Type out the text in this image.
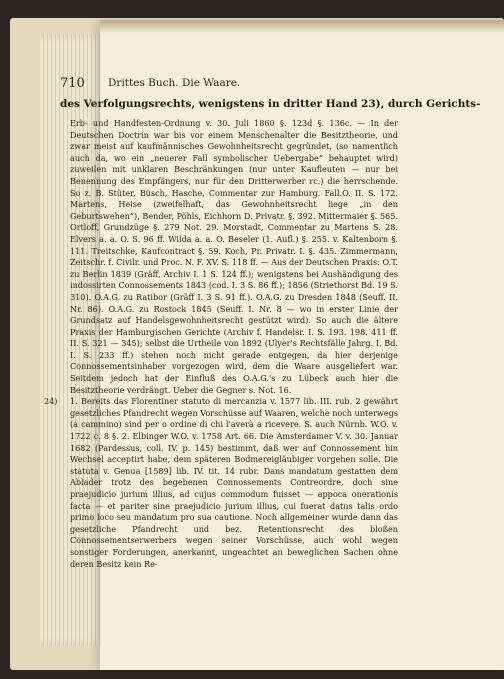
710 Drittes Buch. Die Waare.
des Verfolgungsrechts, wenigstens in dritter Hand 23), durch Gerichts-

Erb- und Handfesten-Ordnung v. 30. Juli 1860 §. 123d §. 136c. — In der Deutschen Doctrin war bis vor einem Menschenalter die Besitztheorie, und zwar meist auf kaufmännisches Gewohnheitsrecht gegründet, (so namentlich auch da, wo ein „neuerer Fall symbolischer Uebergabe“ behauptet wird) zuweilen mit unklaren Beschränkungen (nur unter Kaufleuten — nur bei Benennung des Empfängers, nur für den Dritterwerber rc.) die herrschende. So z. B. Stüter, Büsch, Hasche, Commentar zur Hamburg. Fall.O. II. S. 172. Martens, Heise (zweifelhaft, das Gewohnheitsrecht liege „in den Geburtswehen“), Bender, Pöhls, Eichhorn D. Privatr. §. 392. Mittermaier §. 565. Ortloff, Grundzüge §. 279 Not. 29. Morstadt, Commentar zu Martens S. 28. Elvers a. a. O. S. 96 ff. Wilda a. a. O. Beseler (1. Aufl.) §. 255. v. Kaltenborn §. 111. Treitschke, Kaufcontract §. 59. Koch, Pr. Privatr. I. §. 435. Zimmermann, Zeitschr. f. Civilr. und Proc. N. F. XV. S. 118 ff. — Aus der Deutschen Praxis: O.T. zu Berlin 1839 (Gräff, Archiv I. 1 S. 124 ff.); wenigstens bei Aushändigung des indossirten Connossements 1843 (cod. I. 3 S. 86 ff.); 1856 (Striethorst Bd. 19 S. 310). O.A.G. zu Ratibor (Gräff I. 3 S. 91 ff.). O.A.G. zu Dresden 1848 (Seuff. II. Nr. 86). O.A.G. zu Rostock 1845 (Seuff. I. Nr. 8 — wo in erster Linie der Grundsatz auf Handelsgewohnheitsrecht gestützt wird). So auch die ältere Praxis der Hamburgischen Gerichte (Archiv f. Handelsr. I. S. 193. 198. 411 ff. II. S. 321 — 345); selbst die Urtheile von 1892 (Ulyer's Rechtsfälle Jahrg. I. Bd. I. S. 233 ff.) stehen noch nicht gerade entgegen, da hier derjenige Connossementsinhaber vorgezogen wird, dem die Waare ausgeliefert war. Seitdem jedoch hat der Einfluß des O.A.G.'s zu Lübeck auch hier die Besitztheorie verdrängt. Ueber die Gegner s. Not. 16.

24) 1. Bereits das Florentiner statuto di mercanzia v. 1577 lib. III. rub. 2 gewährt gesetzliches Pfandrecht wegen Vorschüsse auf Waaren, welche noch unterwegs (a cammino) sind per o ordine di chi l'averà a ricevere. S. auch Nürnb. W.O. v. 1722 c. 8 §. 2. Elbinger W.O. v. 1758 Art. 66. Die Amsterdamer V. v. 30. Januar 1682 (Pardessus, coll. IV. p. 145) bestimmt, daß wer auf Connossement hin Wechsel acceptirt habe, dem späteren Bodmereigläubiger vorgehen solle. Die statuta v. Genua [1589] lib. IV. tit. 14 rubr. Dans mandatum gestatten dem Ablader trotz des begebenen Connossements Contreordre, doch sine praejudicio jurium illius, ad cujus commodum fuisset — appoca onerationis facta — et pariter sine praejudicio jurium illius, cui fuerat datus talis ordo primo loco seu mandatum pro sua cautione. Noch allgemeiner wurde dann das gesetzliche Pfandrecht und bez. Retentionsrecht des bloßen Connossementserwerbers wegen seiner Vorschüsse, auch wohl wegen sonstiger Forderungen, anerkannt, ungeachtet an beweglichen Sachen ohne deren Besitz kein Re-
